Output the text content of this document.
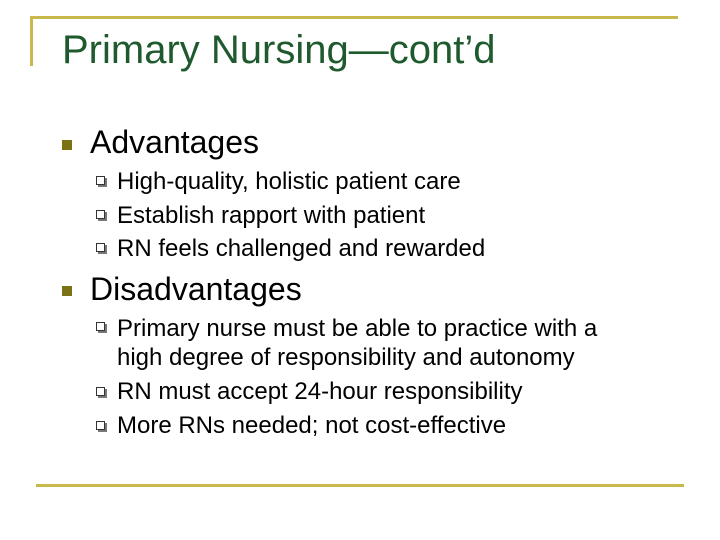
Primary Nursing—cont’d
Advantages
High-quality, holistic patient care
Establish rapport with patient
RN feels challenged and rewarded
Disadvantages
Primary nurse must be able to practice with a high degree of responsibility and autonomy
RN must accept 24-hour responsibility
More RNs needed; not cost-effective
